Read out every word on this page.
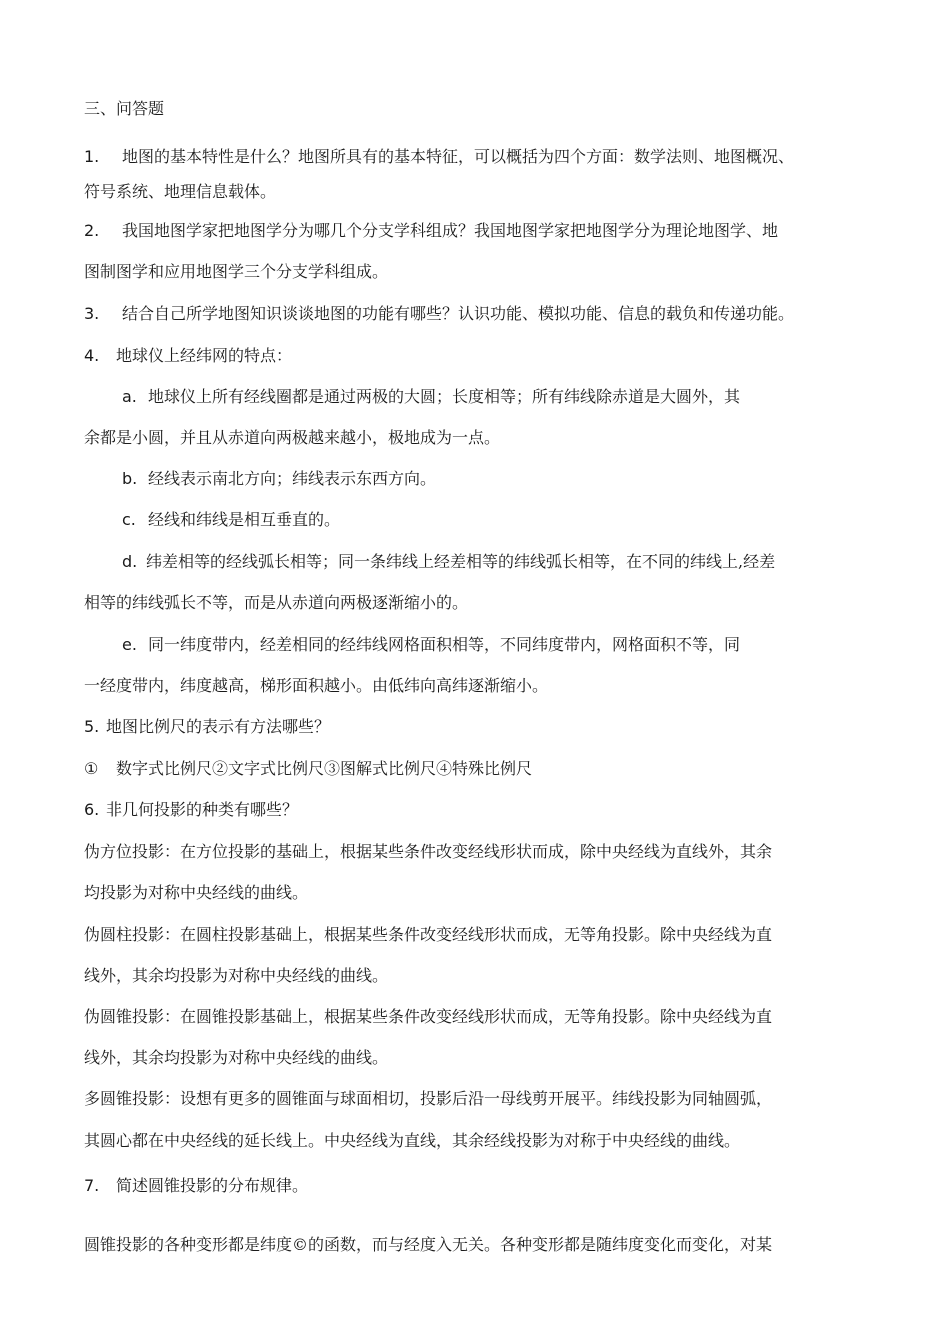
三、问答题
1. 地图的基本特性是什么？地图所具有的基本特征，可以概括为四个方面：数学法则、地图概况、
符号系统、地理信息载体。
2. 我国地图学家把地图学分为哪几个分支学科组成？我国地图学家把地图学分为理论地图学、地
图制图学和应用地图学三个分支学科组成。
3. 结合自己所学地图知识谈谈地图的功能有哪些？认识功能、模拟功能、信息的载负和传递功能。
4. 地球仪上经纬网的特点：
a. 地球仪上所有经线圈都是通过两极的大圆；长度相等；所有纬线除赤道是大圆外，其
余都是小圆，并且从赤道向两极越来越小，极地成为一点。
b. 经线表示南北方向；纬线表示东西方向。
c. 经线和纬线是相互垂直的。
d. 纬差相等的经线弧长相等；同一条纬线上经差相等的纬线弧长相等，在不同的纬线上,经差
相等的纬线弧长不等，而是从赤道向两极逐渐缩小的。
e. 同一纬度带内，经差相同的经纬线网格面积相等，不同纬度带内，网格面积不等，同
一经度带内，纬度越高，梯形面积越小。由低纬向高纬逐渐缩小。
5. 地图比例尺的表示有方法哪些？
① 数字式比例尺②文字式比例尺③图解式比例尺④特殊比例尺
6. 非几何投影的种类有哪些？
伪方位投影：在方位投影的基础上，根据某些条件改变经线形状而成，除中央经线为直线外，其余
均投影为对称中央经线的曲线。
伪圆柱投影：在圆柱投影基础上，根据某些条件改变经线形状而成，无等角投影。除中央经线为直
线外，其余均投影为对称中央经线的曲线。
伪圆锥投影：在圆锥投影基础上，根据某些条件改变经线形状而成，无等角投影。除中央经线为直
线外，其余均投影为对称中央经线的曲线。
多圆锥投影：设想有更多的圆锥面与球面相切，投影后沿一母线剪开展平。纬线投影为同轴圆弧，
其圆心都在中央经线的延长线上。中央经线为直线，其余经线投影为对称于中央经线的曲线。
7. 简述圆锥投影的分布规律。
圆锥投影的各种变形都是纬度©的函数，而与经度入无关。各种变形都是随纬度变化而变化，对某
